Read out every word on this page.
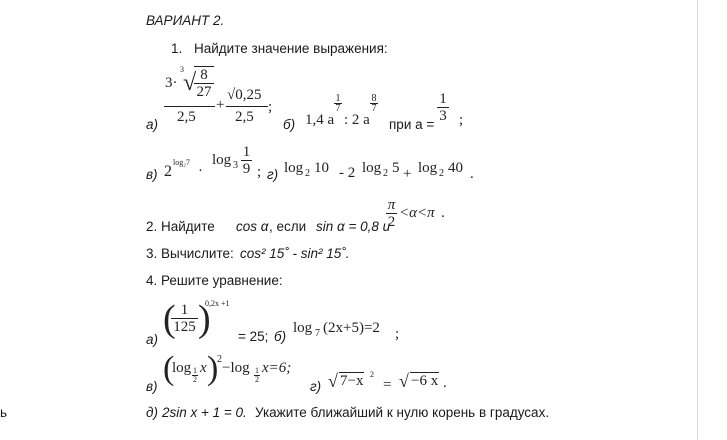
ВАРИАНТ 2.
1. Найдите значение выражения:
а)
3·
3
√ 8
27
2,5
+
√0,25
2,5
;
б) 1,4 a
1
7
: 2 a
8
7
при a =
1
3 ;
в) 2
log₂7
·
log 3
1
9 ; г) log 2 10 - 2 log 2 5 + log 2 40 .
2. Найдите cos α , если sin α = 0,8 и
π
2
<α<π .
3. Вычислите: cos² 15˚ - sin² 15˚.
4. Решите уравнение:
а) ( 1
125 )
0,2x +1
= 25; б)
log 7 (2x+5)=2 ;
в) (
log 1
2
x )
2
−log 1
2
x=6;
г) √ 7−x 2
= √ −6 x .
д) 2sin x + 1 = 0. Укажите ближайший к нулю корень в градусах.
ь
